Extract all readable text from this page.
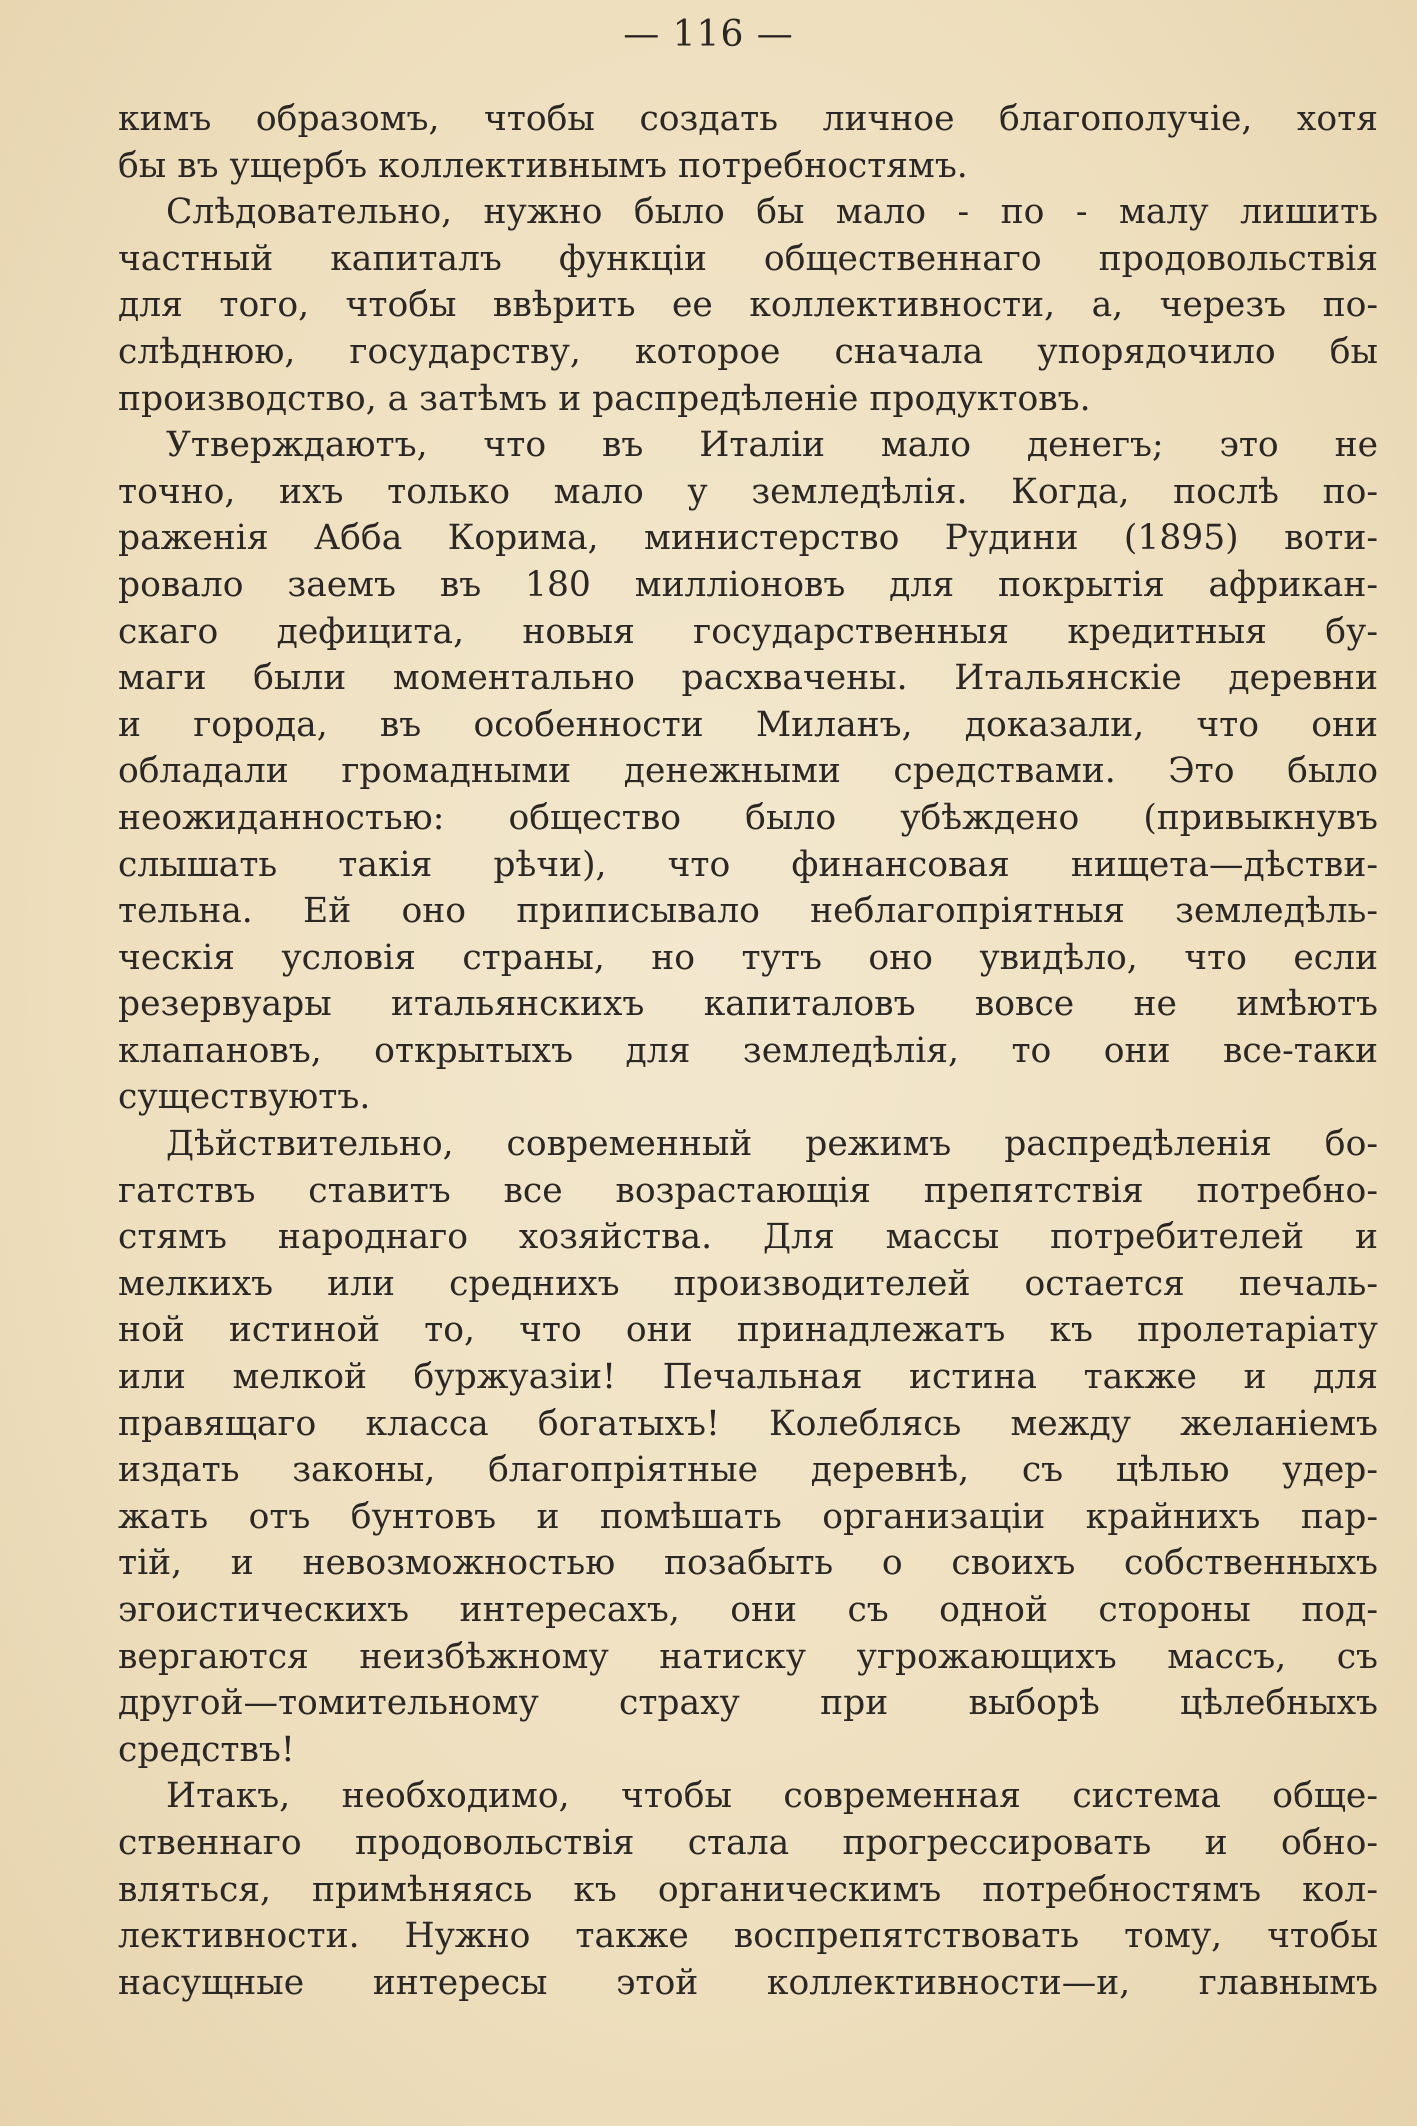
— 116 —
кимъ образомъ, чтобы создать личное благополучіе, хотя
бы въ ущербъ коллективнымъ потребностямъ.
Слѣдовательно, нужно было бы мало - по - малу лишить
частный капиталъ функціи общественнаго продовольствія
для того, чтобы ввѣрить ее коллективности, а, черезъ по-
слѣднюю, государству, которое сначала упорядочило бы
производство, а затѣмъ и распредѣленіе продуктовъ.
Утверждаютъ, что въ Италіи мало денегъ; это не
точно, ихъ только мало у земледѣлія. Когда, послѣ по-
раженія Абба Корима, министерство Рудини (1895) воти-
ровало заемъ въ 180 милліоновъ для покрытія африкан-
скаго дефицита, новыя государственныя кредитныя бу-
маги были моментально расхвачены. Итальянскіе деревни
и города, въ особенности Миланъ, доказали, что они
обладали громадными денежными средствами. Это было
неожиданностью: общество было убѣждено (привыкнувъ
слышать такія рѣчи), что финансовая нищета—дѣстви-
тельна. Ей оно приписывало неблагопріятныя земледѣль-
ческія условія страны, но тутъ оно увидѣло, что если
резервуары итальянскихъ капиталовъ вовсе не имѣютъ
клапановъ, открытыхъ для земледѣлія, то они все-таки
существуютъ.
Дѣйствительно, современный режимъ распредѣленія бо-
гатствъ ставитъ все возрастающія препятствія потребно-
стямъ народнаго хозяйства. Для массы потребителей и
мелкихъ или среднихъ производителей остается печаль-
ной истиной то, что они принадлежатъ къ пролетаріату
или мелкой буржуазіи! Печальная истина также и для
правящаго класса богатыхъ! Колеблясь между желаніемъ
издать законы, благопріятные деревнѣ, съ цѣлью удер-
жать отъ бунтовъ и помѣшать организаціи крайнихъ пар-
тій, и невозможностью позабыть о своихъ собственныхъ
эгоистическихъ интересахъ, они съ одной стороны под-
вергаются неизбѣжному натиску угрожающихъ массъ, съ
другой—томительному страху при выборѣ цѣлебныхъ
средствъ!
Итакъ, необходимо, чтобы современная система обще-
ственнаго продовольствія стала прогрессировать и обно-
вляться, примѣняясь къ органическимъ потребностямъ кол-
лективности. Нужно также воспрепятствовать тому, чтобы
насущные интересы этой коллективности—и, главнымъ
